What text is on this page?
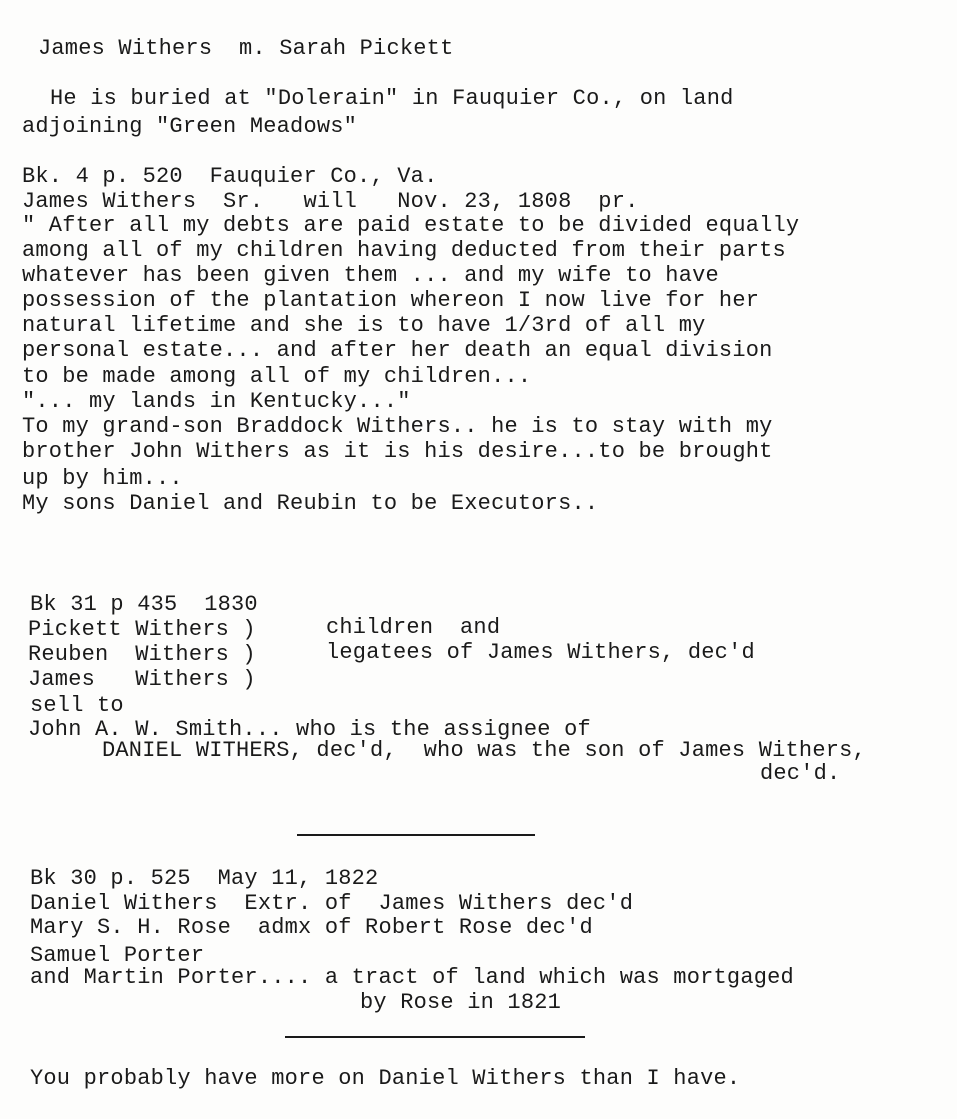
James Withers  m. Sarah Pickett
He is buried at "Dolerain" in Fauquier Co., on land
adjoining "Green Meadows"
Bk. 4 p. 520  Fauquier Co., Va.
James Withers  Sr.   will   Nov. 23, 1808  pr.
" After all my debts are paid estate to be divided equally
among all of my children having deducted from their parts
whatever has been given them ... and my wife to have
possession of the plantation whereon I now live for her
natural lifetime and she is to have 1/3rd of all my
personal estate... and after her death an equal division
to be made among all of my children...
"... my lands in Kentucky..."
To my grand-son Braddock Withers.. he is to stay with my
brother John Withers as it is his desire...to be brought
up by him...
My sons Daniel and Reubin to be Executors..
Bk 31 p 435  1830
Pickett Withers )
Reuben  Withers )
James   Withers )
children  and
legatees of James Withers, dec'd
sell to
John A. W. Smith... who is the assignee of
DANIEL WITHERS, dec'd,  who was the son of James Withers,
dec'd.
Bk 30 p. 525  May 11, 1822
Daniel Withers  Extr. of  James Withers dec'd
Mary S. H. Rose  admx of Robert Rose dec'd
Samuel Porter
and Martin Porter.... a tract of land which was mortgaged
by Rose in 1821
You probably have more on Daniel Withers than I have.
